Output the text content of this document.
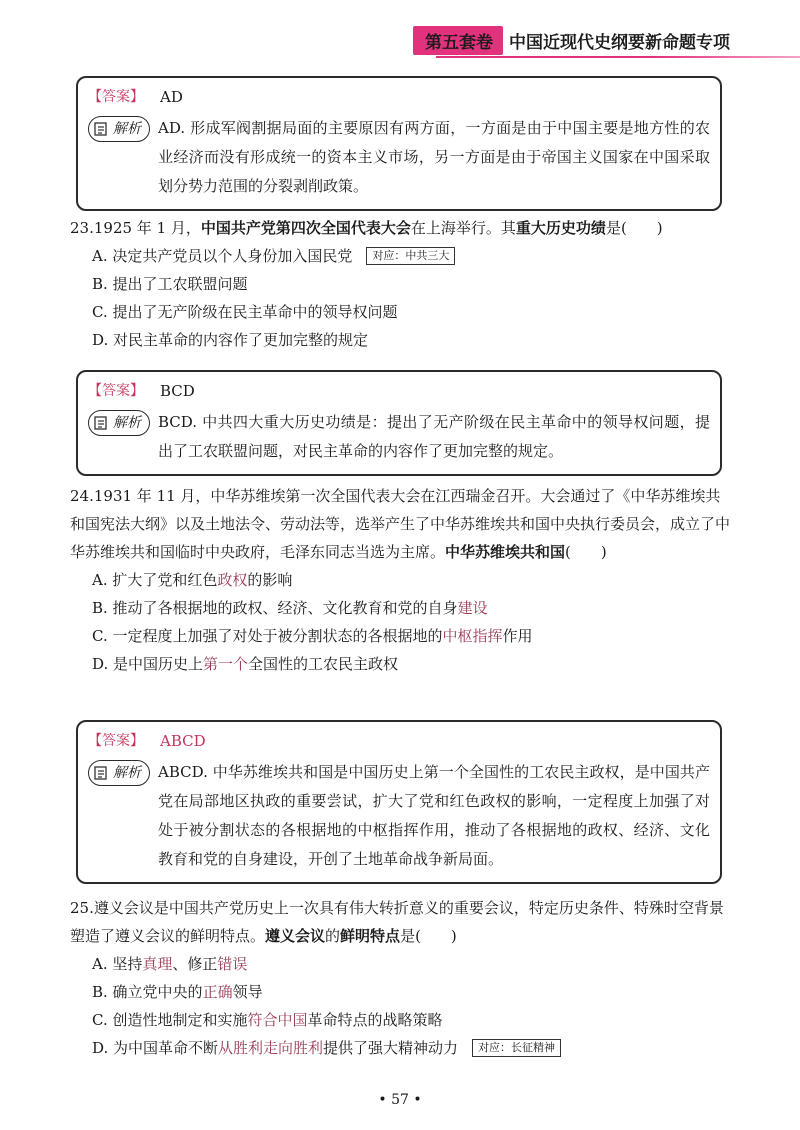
第五套卷 中国近现代史纲要新命题专项
【答案】 AD
解析 AD. 形成军阀割据局面的主要原因有两方面，一方面是由于中国主要是地方性的农业经济而没有形成统一的资本主义市场，另一方面是由于帝国主义国家在中国采取划分势力范围的分裂剥削政策。
23.1925 年 1 月，中国共产党第四次全国代表大会在上海举行。其重大历史功绩是(　　)
A. 决定共产党员以个人身份加入国民党 对应：中共三大
B. 提出了工农联盟问题
C. 提出了无产阶级在民主革命中的领导权问题
D. 对民主革命的内容作了更加完整的规定
【答案】 BCD
解析 BCD. 中共四大重大历史功绩是：提出了无产阶级在民主革命中的领导权问题，提出了工农联盟问题，对民主革命的内容作了更加完整的规定。
24.1931 年 11 月，中华苏维埃第一次全国代表大会在江西瑞金召开。大会通过了《中华苏维埃共和国宪法大纲》以及土地法令、劳动法等，选举产生了中华苏维埃共和国中央执行委员会，成立了中华苏维埃共和国临时中央政府，毛泽东同志当选为主席。中华苏维埃共和国(　　)
A. 扩大了党和红色政权的影响
B. 推动了各根据地的政权、经济、文化教育和党的自身建设
C. 一定程度上加强了对处于被分割状态的各根据地的中枢指挥作用
D. 是中国历史上第一个全国性的工农民主政权
【答案】 ABCD
解析 ABCD. 中华苏维埃共和国是中国历史上第一个全国性的工农民主政权，是中国共产党在局部地区执政的重要尝试，扩大了党和红色政权的影响，一定程度上加强了对处于被分割状态的各根据地的中枢指挥作用，推动了各根据地的政权、经济、文化教育和党的自身建设，开创了土地革命战争新局面。
25.遵义会议是中国共产党历史上一次具有伟大转折意义的重要会议，特定历史条件、特殊时空背景塑造了遵义会议的鲜明特点。遵义会议的鲜明特点是(　　)
A. 坚持真理、修正错误
B. 确立党中央的正确领导
C. 创造性地制定和实施符合中国革命特点的战略策略
D. 为中国革命不断从胜利走向胜利提供了强大精神动力 对应：长征精神
• 57 •
